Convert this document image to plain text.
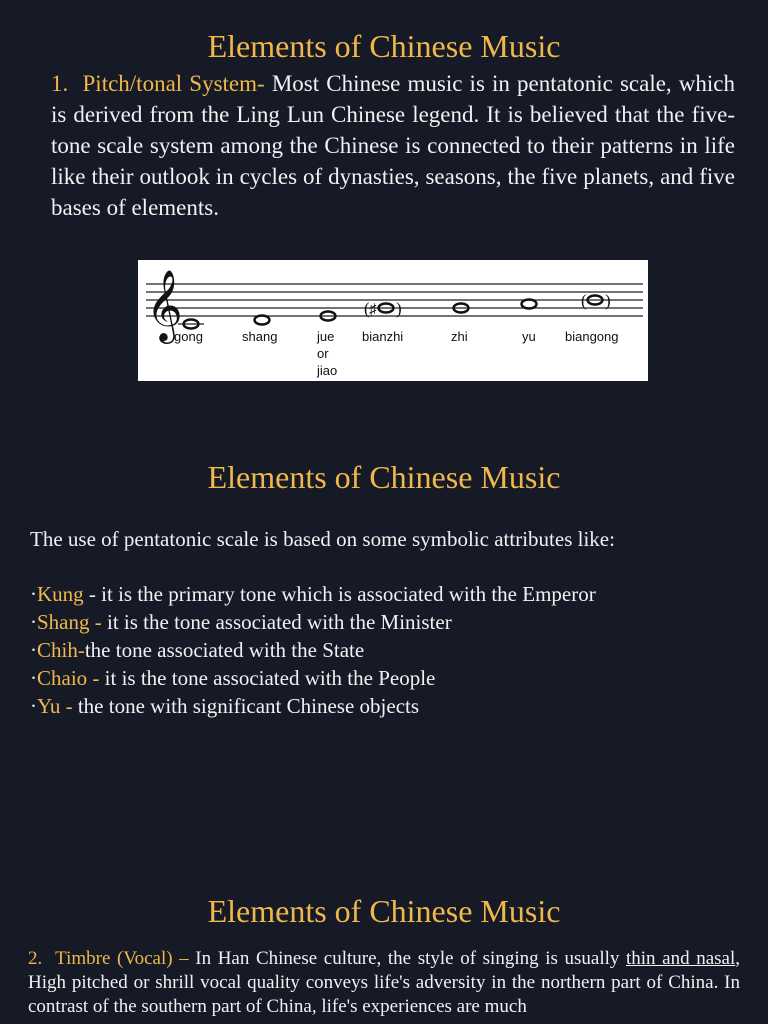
Elements of Chinese Music

1. Pitch/tonal System- Most Chinese music is in pentatonic scale, which is derived from the Ling Lun Chinese legend. It is believed that the five-tone scale system among the Chinese is connected to their patterns in life like their outlook in cycles of dynasties, seasons, the five planets, and five bases of elements.

𝄞	( )
♯	( )
gong	shang	jue
or
jiao
bianzhi	zhi	yu biangong
Elements of Chinese Music

The use of pentatonic scale is based on some symbolic attributes like:

·Kung - it is the primary tone which is associated with the Emperor
·Shang - it is the tone associated with the Minister
·Chih-the tone associated with the State
·Chaio - it is the tone associated with the People
·Yu - the tone with significant Chinese objects
Elements of Chinese Music

2. Timbre (Vocal) – In Han Chinese culture, the style of singing is usually thin and nasal, High pitched or shrill vocal quality conveys life's adversity in the northern part of China. In contrast of the southern part of China, life's experiences are much
